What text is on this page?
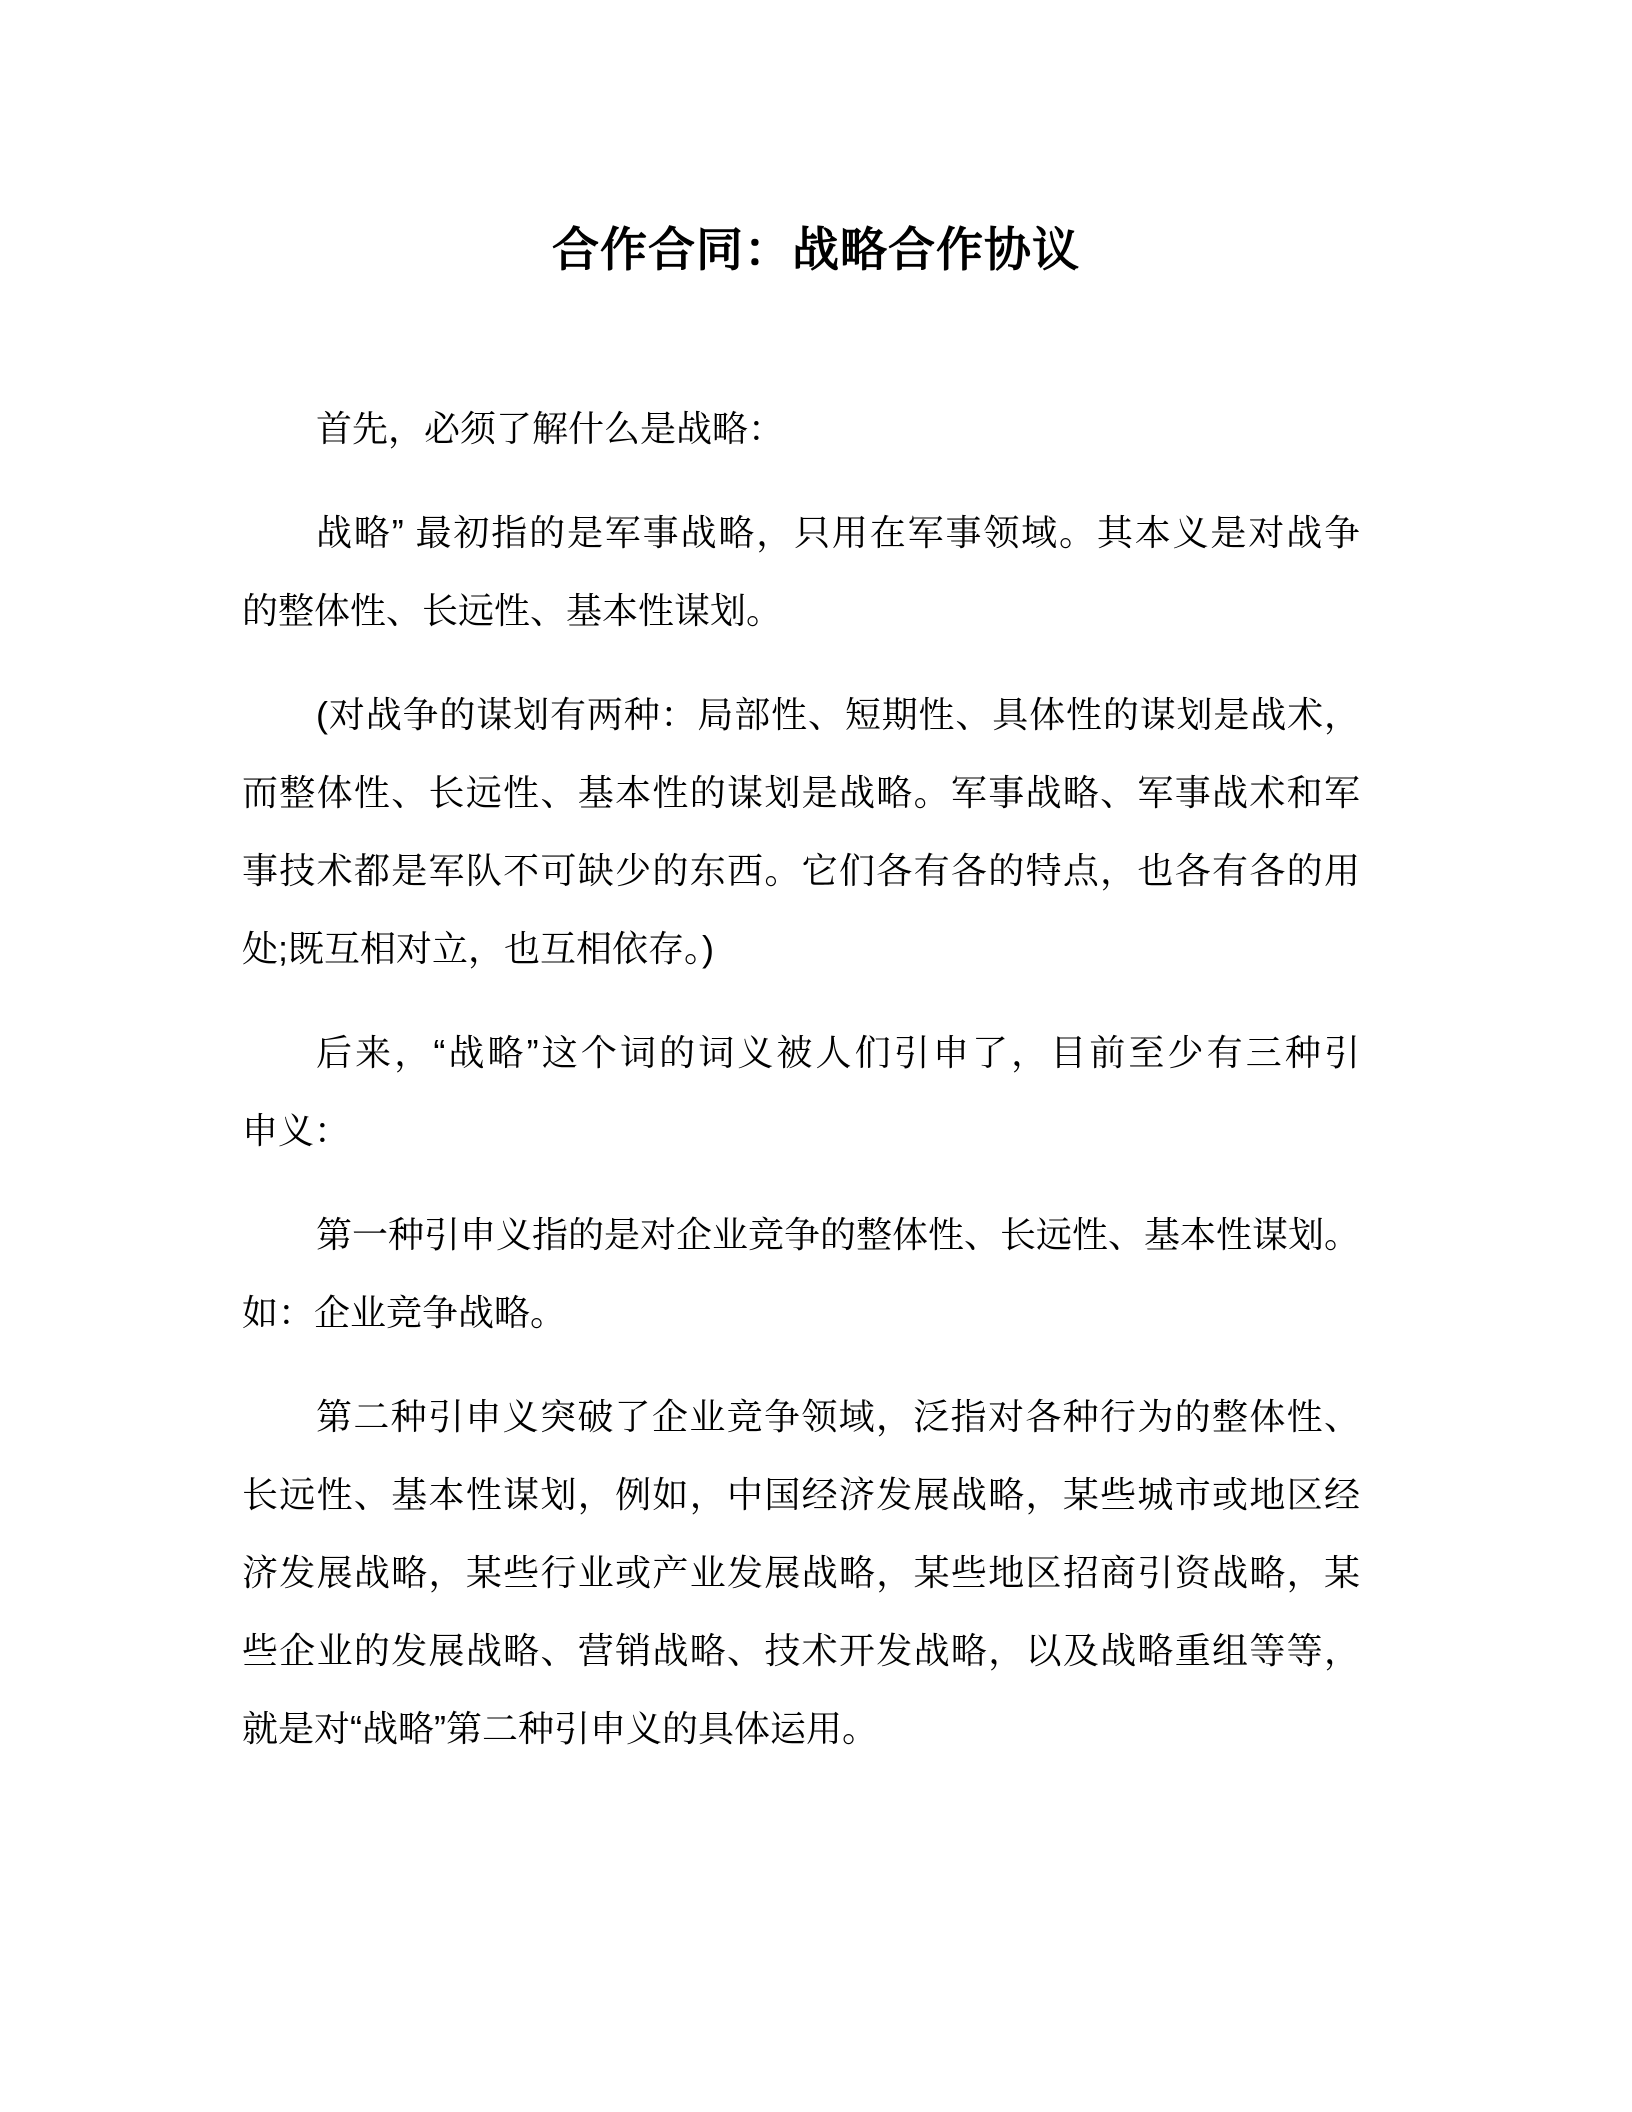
合作合同：战略合作协议
首先，必须了解什么是战略：
战略” 最初指的是军事战略，只用在军事领域。其本义是对战争
的整体性、长远性、基本性谋划。
(对战争的谋划有两种：局部性、短期性、具体性的谋划是战术，
而整体性、长远性、基本性的谋划是战略。军事战略、军事战术和军
事技术都是军队不可缺少的东西。它们各有各的特点，也各有各的用
处;既互相对立，也互相依存。)
后来，“战略”这个词的词义被人们引申了，目前至少有三种引
申义：
第一种引申义指的是对企业竞争的整体性、长远性、基本性谋划。
如：企业竞争战略。
第二种引申义突破了企业竞争领域，泛指对各种行为的整体性、
长远性、基本性谋划，例如，中国经济发展战略，某些城市或地区经
济发展战略，某些行业或产业发展战略，某些地区招商引资战略，某
些企业的发展战略、营销战略、技术开发战略，以及战略重组等等，
就是对“战略”第二种引申义的具体运用。
